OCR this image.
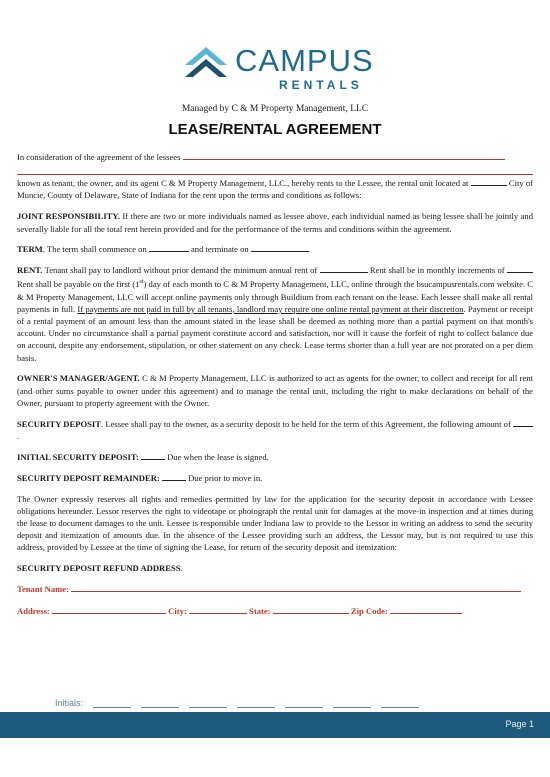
CAMPUS
RENTALS
Managed by C & M Property Management, LLC
LEASE/RENTAL AGREEMENT

In consideration of the agreement of the lessees

known as tenant, the owner, and its agent C & M Property Management, LLC., hereby rents to the Lessee, the rental unit located at	City of Muncie, County of Delaware, State of Indiana for the rent upon the terms and conditions as follows:

JOINT RESPONSIBILITY. If there are two or more individuals named as lessee above, each individual named as being lessee shall be jointly and severally liable for all the total rent herein provided and for the performance of the terms and conditions within the agreement.

TERM. The term shall commence on	and terminate on

RENT. Tenant shall pay to landlord without prior demand the minimum annual rent of	Rent shall be in monthly increments of  Rent shall be payable on the first (1st) day of each month to C & M Property Management, LLC, online through the bsucampusrentals.com website. C & M Property Management, LLC will accept online payments only through Buildium from each tenant on the lease. Each lessee shall make all rental payments in full. If payments are not paid in full by all tenants, landlord may require one online rental payment at their discretion. Payment or receipt of a rental payment of an amount less than the amount stated in the lease shall be deemed as nothing more than a partial payment on that month's account. Under no circumstance shall a partial payment constitute accord and satisfaction, nor will it cause the forfeit of right to collect balance due on account, despite any endorsement, stipulation, or other statement on any check. Lease terms shorter than a full year are not prorated on a per diem basis.

OWNER'S MANAGER/AGENT. C & M Property Management, LLC is authorized to act as agents for the owner, to collect and receipt for all rent (and other sums payable to owner under this agreement) and to manage the rental unit, including the right to make declarations on behalf of the Owner, pursuant to property agreement with the Owner.

SECURITY DEPOSIT. Lessee shall pay to the owner, as a security deposit to be held for the term of this Agreement, the following amount of  .

INITIAL SECURITY DEPOSIT:	Due when the lease is signed.

SECURITY DEPOSIT REMAINDER:	Due prior to move in.

The Owner expressly reserves all rights and remedies permitted by law for the application for the security deposit in accordance with Lessee obligations hereunder. Lessor reserves the right to videotape or photograph the rental unit for damages at the move-in inspection and at times during the lease to document damages to the unit. Lessee is responsible under Indiana law to provide to the Lessor in writing an address to send the security deposit and itemization of amounts due. In the absence of the Lessee providing such an address, the Lessor may, but is not required to use this address, provided by Lessee at the time of signing the Lease, for return of the security deposit and itemization:

SECURITY DEPOSIT REFUND ADDRESS.

Tenant Name:

Address:	City:	State:	Zip Code:

Initials:
Page 1
